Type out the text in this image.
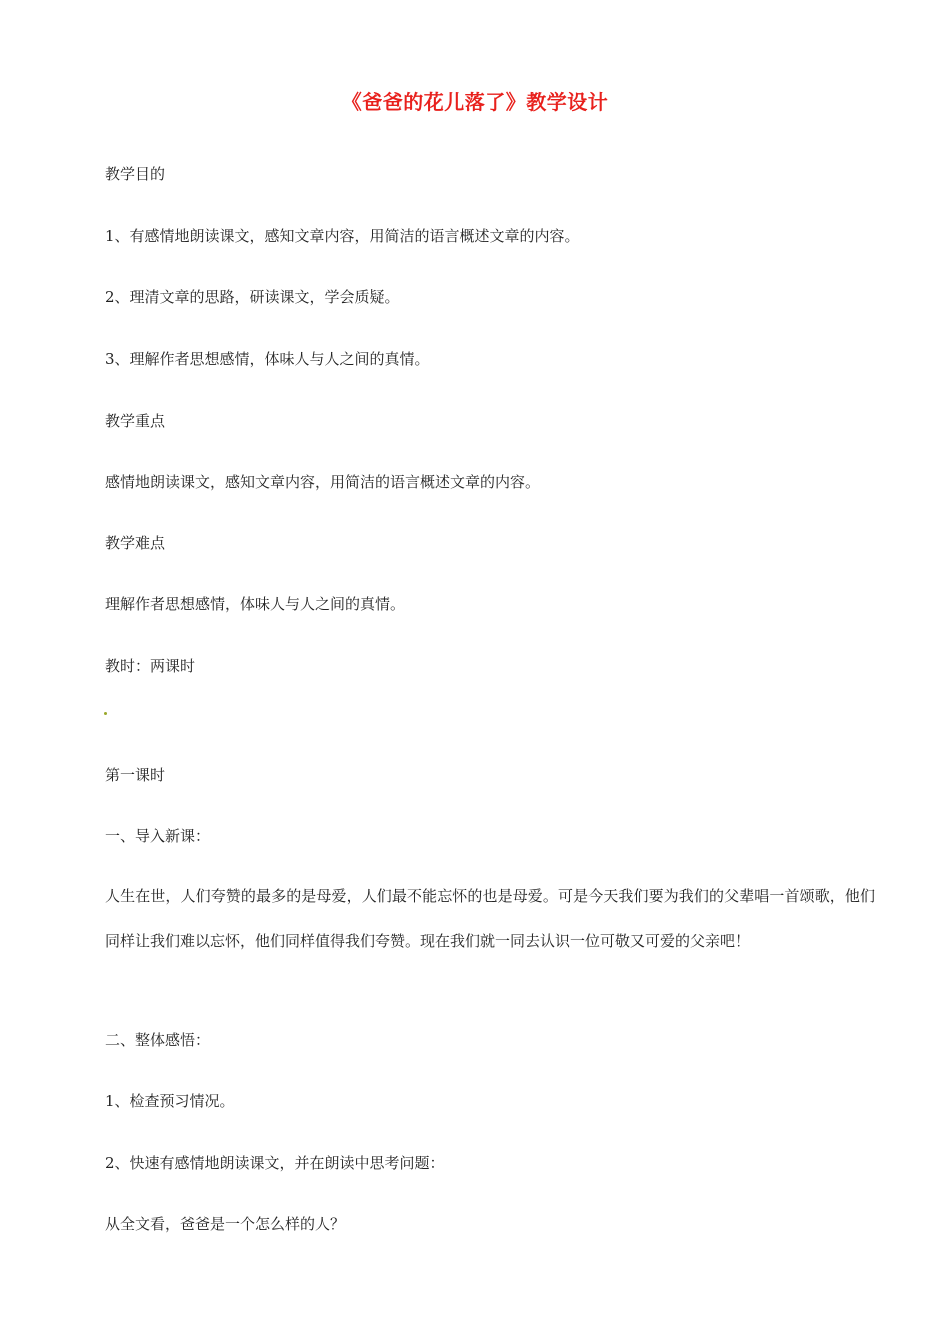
《爸爸的花儿落了》教学设计
教学目的
1、有感情地朗读课文，感知文章内容，用简洁的语言概述文章的内容。
2、理清文章的思路，研读课文，学会质疑。
3、理解作者思想感情，体味人与人之间的真情。
教学重点
感情地朗读课文，感知文章内容，用简洁的语言概述文章的内容。
教学难点
理解作者思想感情，体味人与人之间的真情。
教时：两课时
第一课时
一、导入新课：
人生在世，人们夸赞的最多的是母爱，人们最不能忘怀的也是母爱。可是今天我们要为我们的父辈唱一首颂歌，他们同样让我们难以忘怀，他们同样值得我们夸赞。现在我们就一同去认识一位可敬又可爱的父亲吧！
二、整体感悟：
1、检查预习情况。
2、快速有感情地朗读课文，并在朗读中思考问题：
从全文看，爸爸是一个怎么样的人？
